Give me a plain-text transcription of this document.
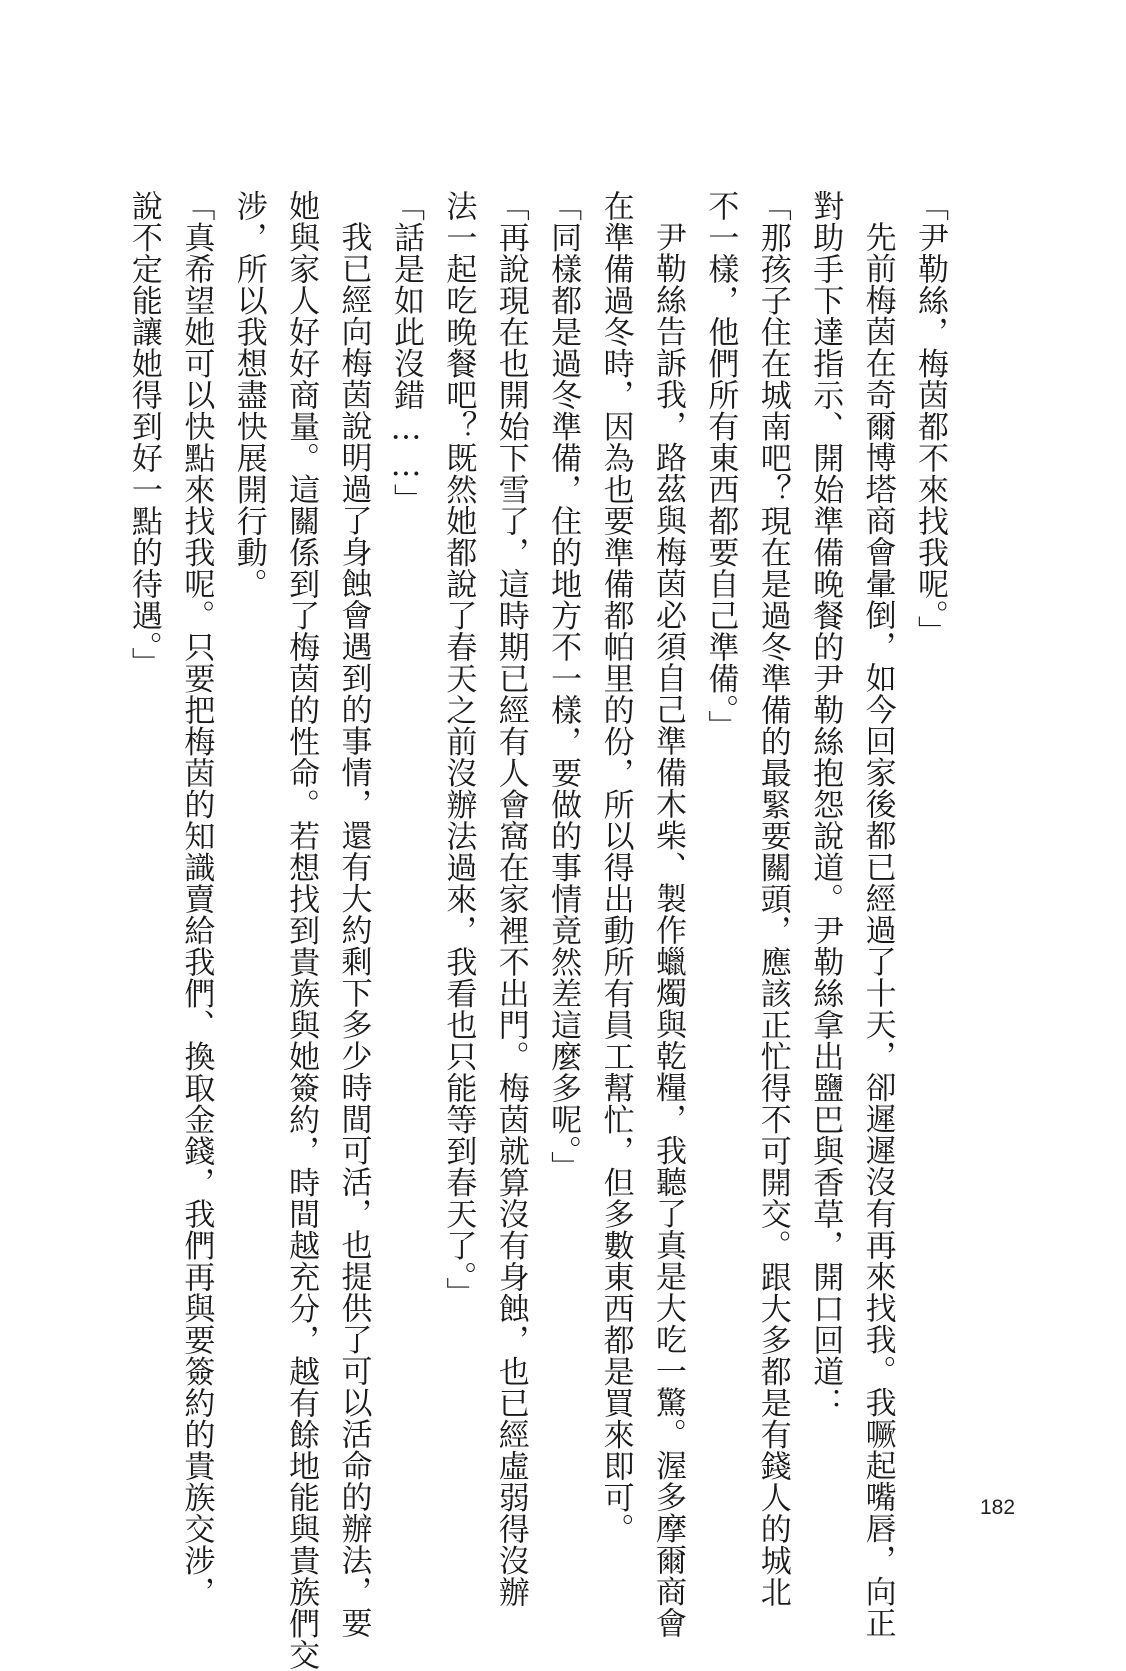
「尹勒絲，梅茵都不來找我呢。」
先前梅茵在奇爾博塔商會暈倒，如今回家後都已經過了十天，卻遲遲沒有再來找我。我噘起嘴唇，向正
對助手下達指示、開始準備晚餐的尹勒絲抱怨說道。尹勒絲拿出鹽巴與香草，開口回道：
「那孩子住在城南吧？現在是過冬準備的最緊要關頭，應該正忙得不可開交。跟大多都是有錢人的城北
不一樣，他們所有東西都要自己準備。」
尹勒絲告訴我，路茲與梅茵必須自己準備木柴、製作蠟燭與乾糧，我聽了真是大吃一驚。渥多摩爾商會
在準備過冬時，因為也要準備都帕里的份，所以得出動所有員工幫忙，但多數東西都是買來即可。
「同樣都是過冬準備，住的地方不一樣，要做的事情竟然差這麼多呢。」
「再說現在也開始下雪了，這時期已經有人會窩在家裡不出門。梅茵就算沒有身蝕，也已經虛弱得沒辦
法一起吃晚餐吧？既然她都說了春天之前沒辦法過來，我看也只能等到春天了。」
「話是如此沒錯……」
我已經向梅茵說明過了身蝕會遇到的事情，還有大約剩下多少時間可活，也提供了可以活命的辦法，要
她與家人好好商量。這關係到了梅茵的性命。若想找到貴族與她簽約，時間越充分，越有餘地能與貴族們交
涉，所以我想盡快展開行動。
「真希望她可以快點來找我呢。只要把梅茵的知識賣給我們、換取金錢，我們再與要簽約的貴族交涉，
說不定能讓她得到好一點的待遇。」
182
